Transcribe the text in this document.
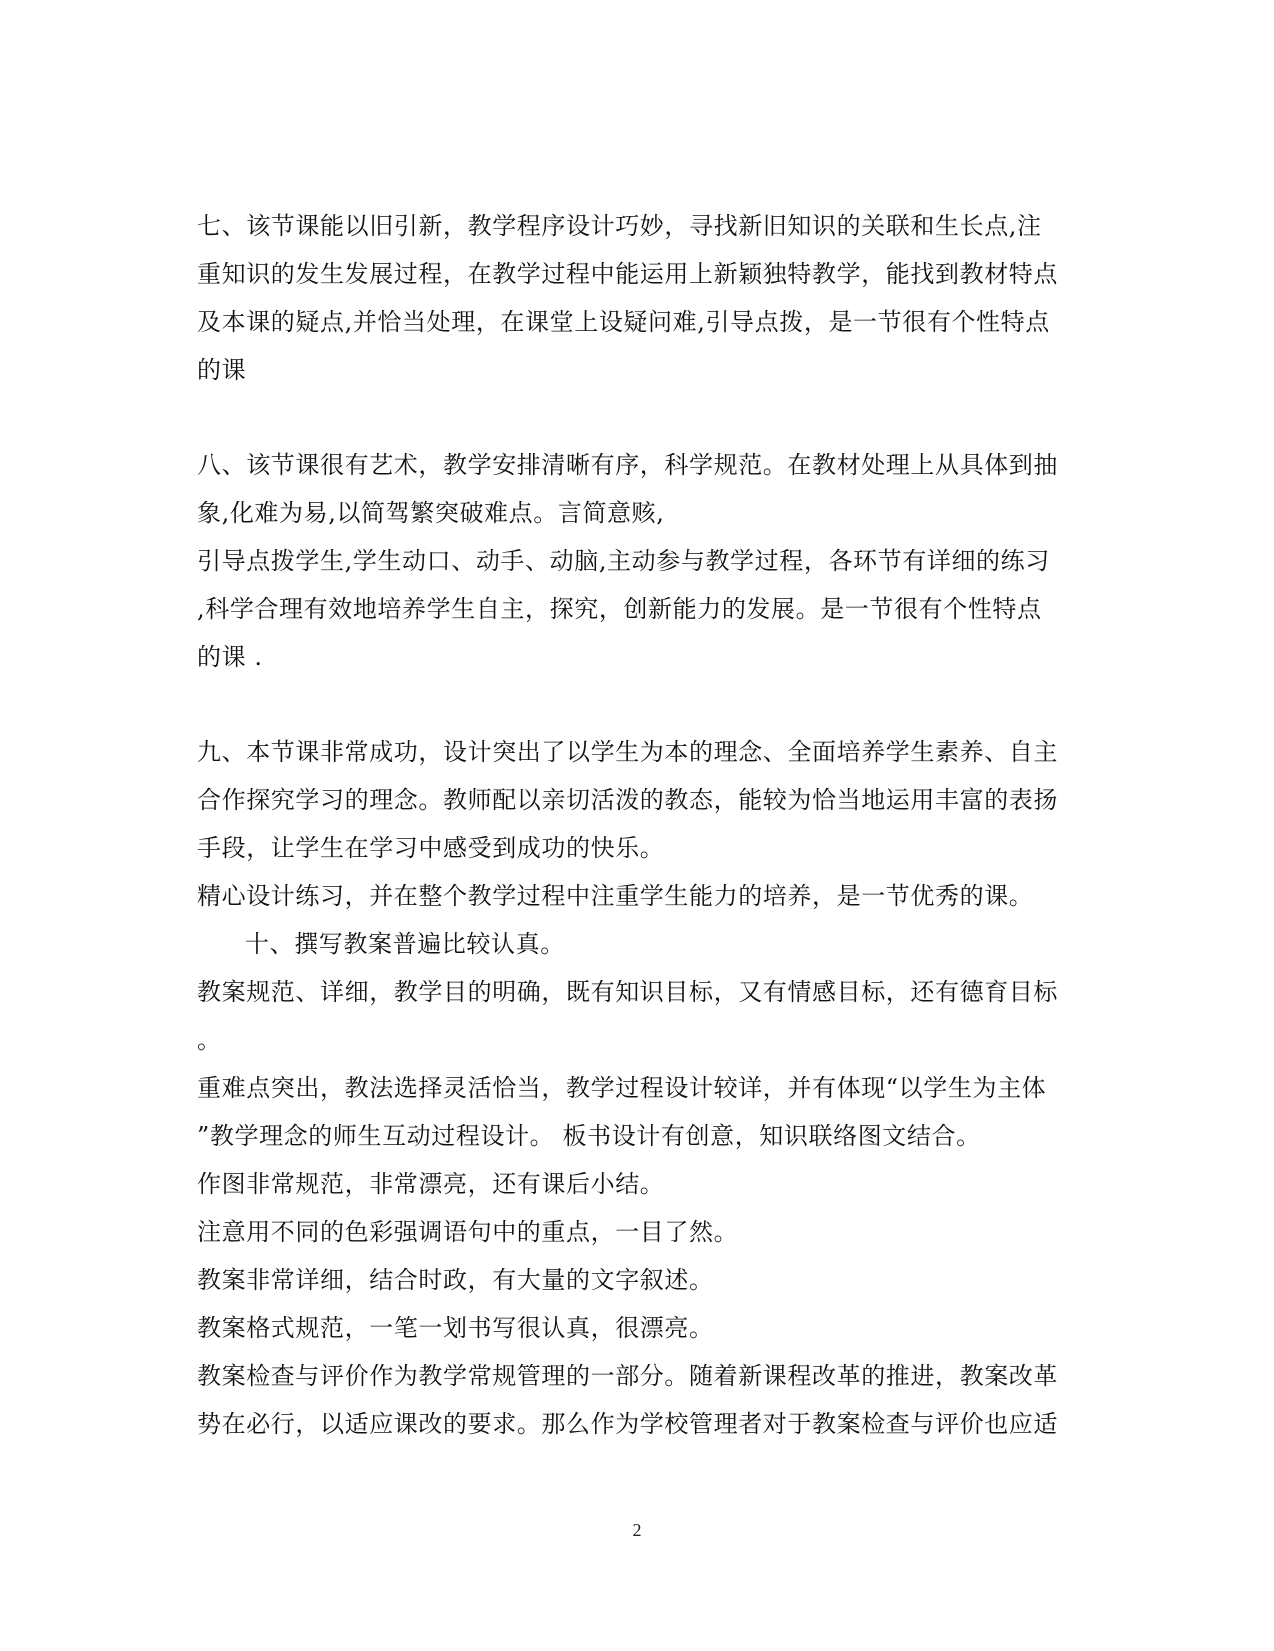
七、该节课能以旧引新，教学程序设计巧妙，寻找新旧知识的关联和生长点,注
重知识的发生发展过程，在教学过程中能运用上新颖独特教学，能找到教材特点
及本课的疑点,并恰当处理，在课堂上设疑问难,引导点拨，是一节很有个性特点
的课
八、该节课很有艺术，教学安排清晰有序，科学规范。在教材处理上从具体到抽
象,化难为易,以简驾繁突破难点。言简意赅,
引导点拨学生,学生动口、动手、动脑,主动参与教学过程，各环节有详细的练习
,科学合理有效地培养学生自主，探究，创新能力的发展。是一节很有个性特点
的课 .
九、本节课非常成功，设计突出了以学生为本的理念、全面培养学生素养、自主
合作探究学习的理念。教师配以亲切活泼的教态，能较为恰当地运用丰富的表扬
手段，让学生在学习中感受到成功的快乐。
精心设计练习，并在整个教学过程中注重学生能力的培养，是一节优秀的课。
十、撰写教案普遍比较认真。
教案规范、详细，教学目的明确，既有知识目标，又有情感目标，还有德育目标
。
重难点突出，教法选择灵活恰当，教学过程设计较详，并有体现“以学生为主体
”教学理念的师生互动过程设计。 板书设计有创意，知识联络图文结合。
作图非常规范，非常漂亮，还有课后小结。
注意用不同的色彩强调语句中的重点，一目了然。
教案非常详细，结合时政，有大量的文字叙述。
教案格式规范，一笔一划书写很认真，很漂亮。
教案检查与评价作为教学常规管理的一部分。随着新课程改革的推进，教案改革
势在必行，以适应课改的要求。那么作为学校管理者对于教案检查与评价也应适
2
